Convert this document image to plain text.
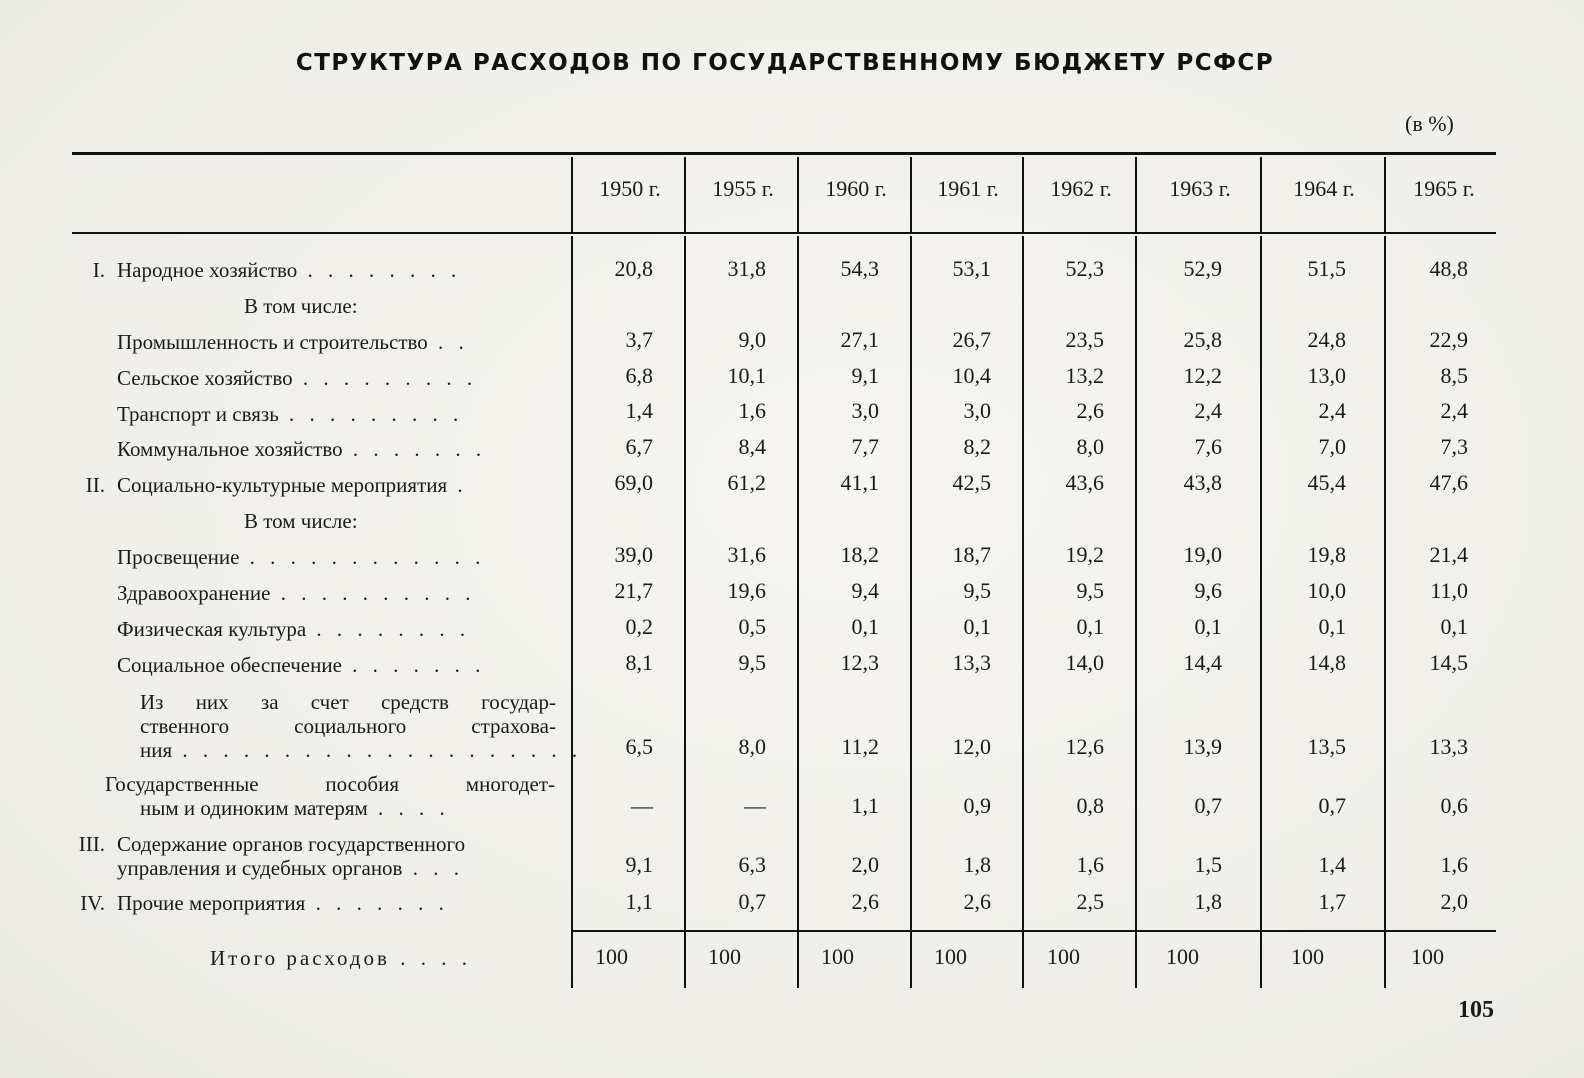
СТРУКТУРА РАСХОДОВ ПО ГОСУДАРСТВЕННОМУ БЮДЖЕТУ РСФСР
(в %)
1950 г.	1955 г.	1960 г.	1961 г.	1962 г.	1963 г.	1964 г.	1965 г.
I. Народное хозяйство . . . . . . . .	20,8	31,8	54,3	53,1	52,3	52,9	51,5	48,8
В том числе:
Промышленность и строительство . .	3,7	9,0	27,1	26,7	23,5	25,8	24,8	22,9
Сельское хозяйство . . . . . . . . .	6,8	10,1	9,1	10,4	13,2	12,2	13,0	8,5
Транспорт и связь . . . . . . . . .	1,4	1,6	3,0	3,0	2,6	2,4	2,4	2,4
Коммунальное хозяйство . . . . . . .	6,7	8,4	7,7	8,2	8,0	7,6	7,0	7,3
II. Социально-культурные мероприятия .	69,0	61,2	41,1	42,5	43,6	43,8	45,4	47,6
В том числе:
Просвещение . . . . . . . . . . . .	39,0	31,6	18,2	18,7	19,2	19,0	19,8	21,4
Здравоохранение . . . . . . . . . .	21,7	19,6	9,4	9,5	9,5	9,6	10,0	11,0
Физическая культура . . . . . . . .	0,2	0,5	0,1	0,1	0,1	0,1	0,1	0,1
Социальное обеспечение . . . . . . .	8,1	9,5	12,3	13,3	14,0	14,4	14,8	14,5
Из них за счет средств государ-
ственного социального страхова-
ния . . . . . . . . . . . . . . . . . . . .	6,5	8,0	11,2	12,0	12,6	13,9	13,5	13,3
Государственные пособия многодет-
ным и одиноким матерям . . . .	—	—	1,1	0,9	0,8	0,7	0,7	0,6
III. Содержание органов государственного
управления и судебных органов . . .	9,1	6,3	2,0	1,8	1,6	1,5	1,4	1,6
IV. Прочие мероприятия . . . . . . .	1,1	0,7	2,6	2,6	2,5	1,8	1,7	2,0
Итого расходов . . . .	100	100	100	100	100	100	100	100
105
